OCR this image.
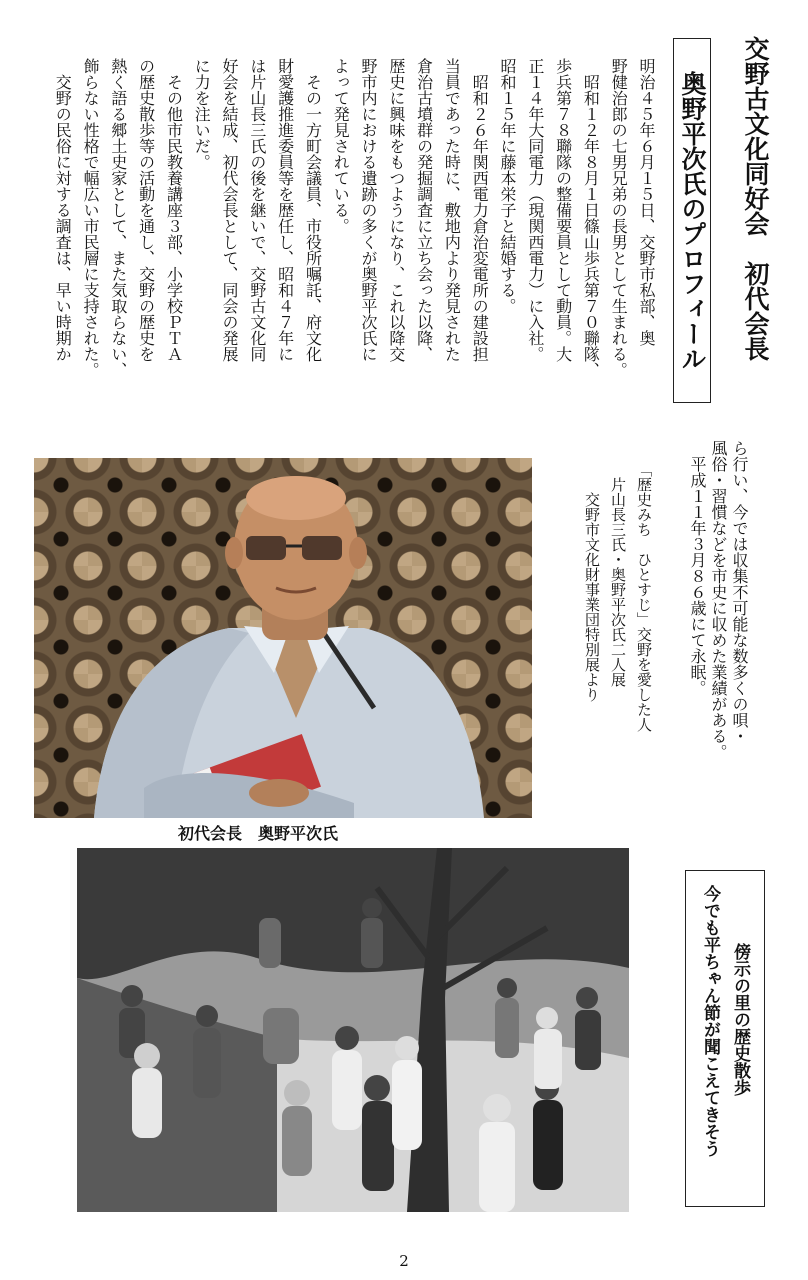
交野古文化同好会　初代会長
奥野平次氏のプロフィール
明治４５年６月１５日、交野市私部、奥
野健治郎の七男兄弟の長男として生まれる。
　昭和１２年８月１日篠山歩兵第７０聯隊、
歩兵第７８聯隊の整備要員として動員。大
正１４年大同電力（現関西電力）に入社。
昭和１５年に藤本栄子と結婚する。
　昭和２６年関西電力倉治変電所の建設担
当員であった時に、敷地内より発見された
倉治古墳群の発掘調査に立ち会った以降、
歴史に興味をもつようになり、これ以降交
野市内における遺跡の多くが奥野平次氏に
よって発見されている。
　その一方町会議員、市役所嘱託、府文化
財愛護推進委員等を歴任し、昭和４７年に
は片山長三氏の後を継いで、交野古文化同
好会を結成、初代会長として、同会の発展
に力を注いだ。
　その他市民教養講座３部、小学校ＰＴＡ
の歴史散歩等の活動を通し、交野の歴史を
熱く語る郷土史家として、また気取らない、
飾らない性格で幅広い市民層に支持された。
　交野の民俗に対する調査は、早い時期か
ら行い、今では収集不可能な数多くの唄・
風俗・習慣などを市史に収めた業績がある。
　平成１１年３月８６歳にて永眠。
「歴史みち　ひとすじ」交野を愛した人
　片山長三氏・奥野平次氏二人展
　　交野市文化財事業団特別展より
初代会長　奥野平次氏
傍示の里の歴史散歩
今でも平ちゃん節が聞こえてきそう
2
